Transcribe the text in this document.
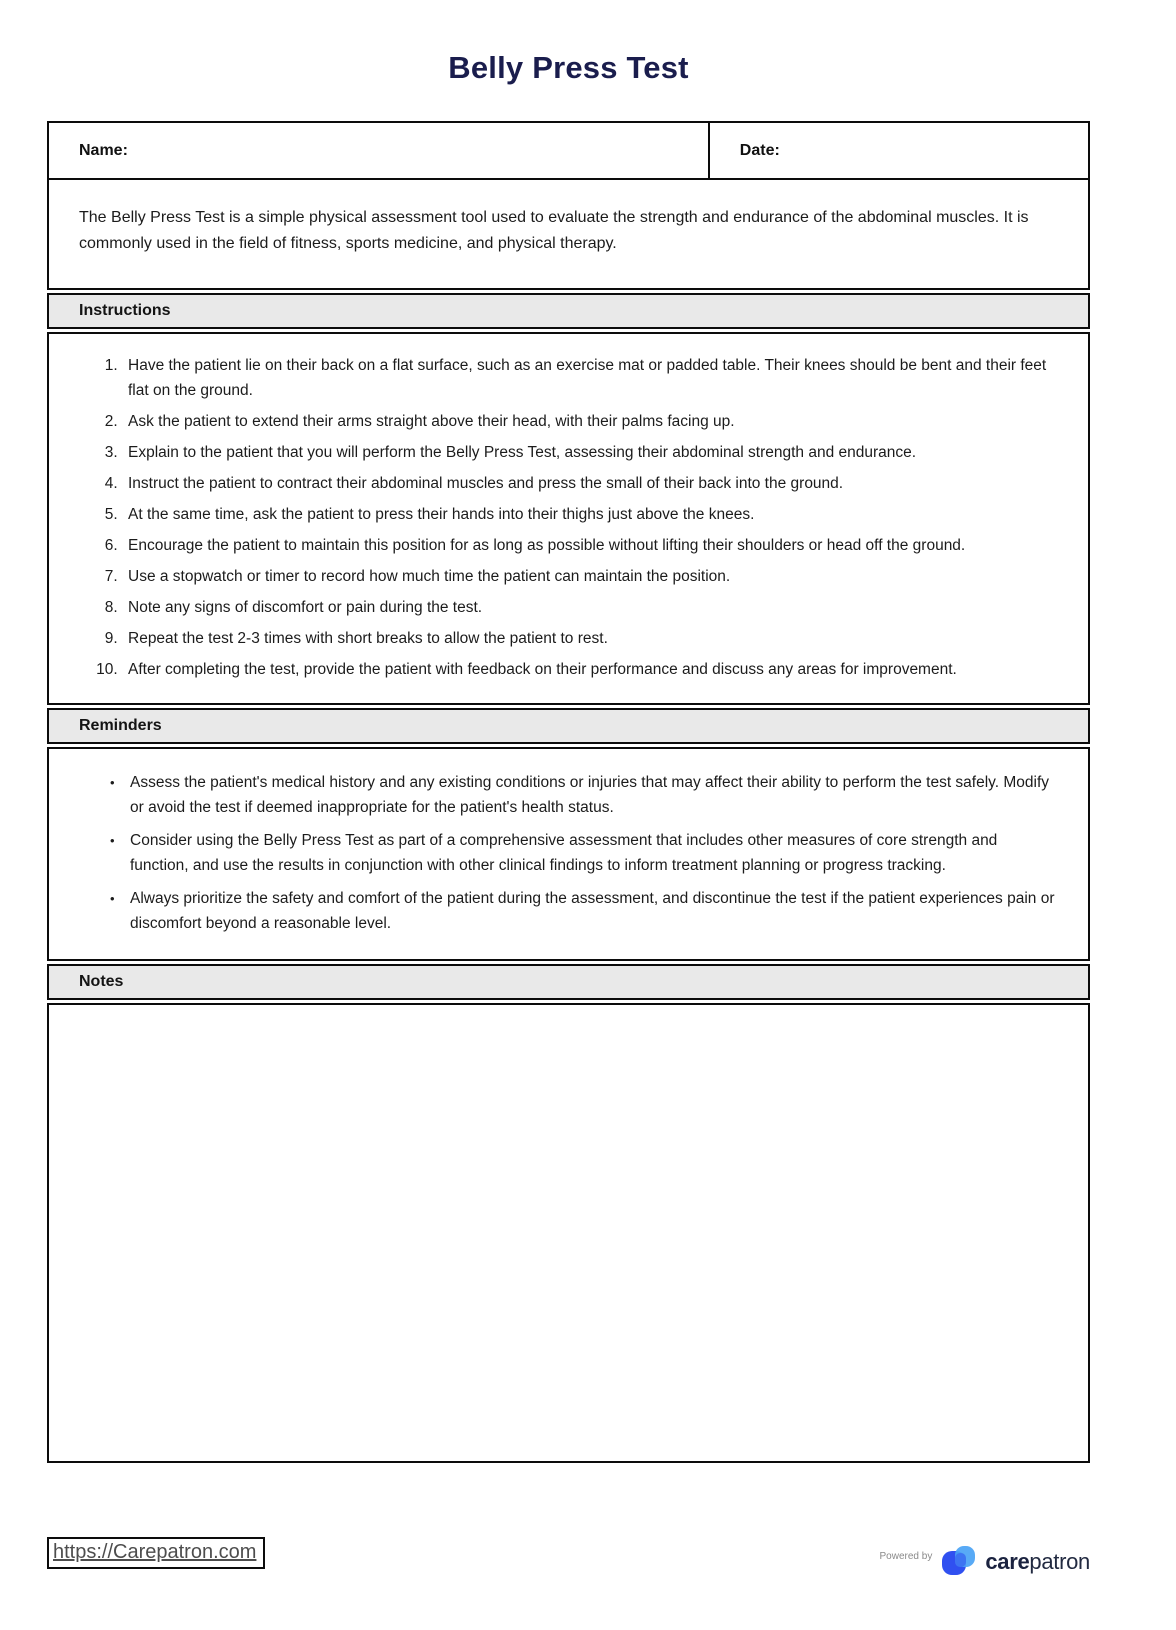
Belly Press Test
Name:	Date:
The Belly Press Test is a simple physical assessment tool used to evaluate the strength and endurance of the abdominal muscles. It is commonly used in the field of fitness, sports medicine, and physical therapy.
Instructions
1. Have the patient lie on their back on a flat surface, such as an exercise mat or padded table. Their knees should be bent and their feet flat on the ground.
2. Ask the patient to extend their arms straight above their head, with their palms facing up.
3. Explain to the patient that you will perform the Belly Press Test, assessing their abdominal strength and endurance.
4. Instruct the patient to contract their abdominal muscles and press the small of their back into the ground.
5. At the same time, ask the patient to press their hands into their thighs just above the knees.
6. Encourage the patient to maintain this position for as long as possible without lifting their shoulders or head off the ground.
7. Use a stopwatch or timer to record how much time the patient can maintain the position.
8. Note any signs of discomfort or pain during the test.
9. Repeat the test 2-3 times with short breaks to allow the patient to rest.
10. After completing the test, provide the patient with feedback on their performance and discuss any areas for improvement.
Reminders
• Assess the patient's medical history and any existing conditions or injuries that may affect their ability to perform the test safely. Modify or avoid the test if deemed inappropriate for the patient's health status.
• Consider using the Belly Press Test as part of a comprehensive assessment that includes other measures of core strength and function, and use the results in conjunction with other clinical findings to inform treatment planning or progress tracking.
• Always prioritize the safety and comfort of the patient during the assessment, and discontinue the test if the patient experiences pain or discomfort beyond a reasonable level.
Notes
https://Carepatron.com	Powered by carepatron
